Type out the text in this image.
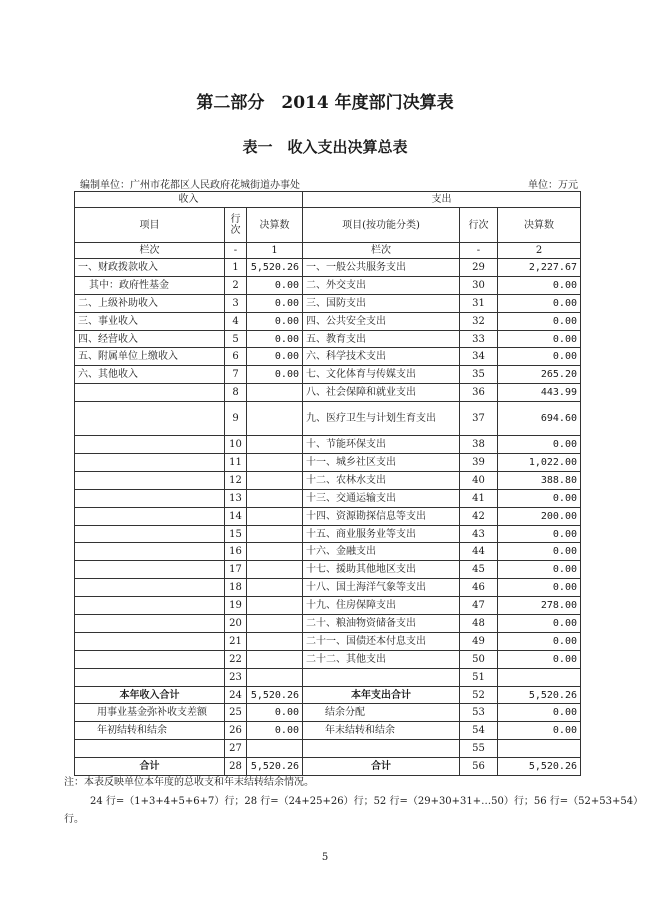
第二部分　2014 年度部门决算表
表一　收入支出决算总表
编制单位：广州市花都区人民政府花城街道办事处	单位：万元
收入			支出		
项目	行次	决算数	项目(按功能分类)	行次	决算数
栏次	-	1	栏次	-	2
一、财政拨款收入	1	5,520.26	一、一般公共服务支出	29	2,227.67
其中：政府性基金	2	0.00	二、外交支出	30	0.00
二、上级补助收入	3	0.00	三、国防支出	31	0.00
三、事业收入	4	0.00	四、公共安全支出	32	0.00
四、经营收入	5	0.00	五、教育支出	33	0.00
五、附属单位上缴收入	6	0.00	六、科学技术支出	34	0.00
六、其他收入	7	0.00	七、文化体育与传媒支出	35	265.20
	8		八、社会保障和就业支出	36	443.99
	9		九、医疗卫生与计划生育支出	37	694.60
	10		十、节能环保支出	38	0.00
	11		十一、城乡社区支出	39	1,022.00
	12		十二、农林水支出	40	388.80
	13		十三、交通运输支出	41	0.00
	14		十四、资源勘探信息等支出	42	200.00
	15		十五、商业服务业等支出	43	0.00
	16		十六、金融支出	44	0.00
	17		十七、援助其他地区支出	45	0.00
	18		十八、国土海洋气象等支出	46	0.00
	19		十九、住房保障支出	47	278.00
	20		二十、粮油物资储备支出	48	0.00
	21		二十一、国债还本付息支出	49	0.00
	22		二十二、其他支出	50	0.00
	23			51	
本年收入合计	24	5,520.26	本年支出合计	52	5,520.26
用事业基金弥补收支差额	25	0.00	结余分配	53	0.00
年初结转和结余	26	0.00	年末结转和结余	54	0.00
	27			55	
合计	28	5,520.26	合计	56	5,520.26
注：本表反映单位本年度的总收支和年末结转结余情况。
24 行=（1+3+4+5+6+7）行；28 行=（24+25+26）行；52 行=（29+30+31+…50）行；56 行=（52+53+54）
行。
5
